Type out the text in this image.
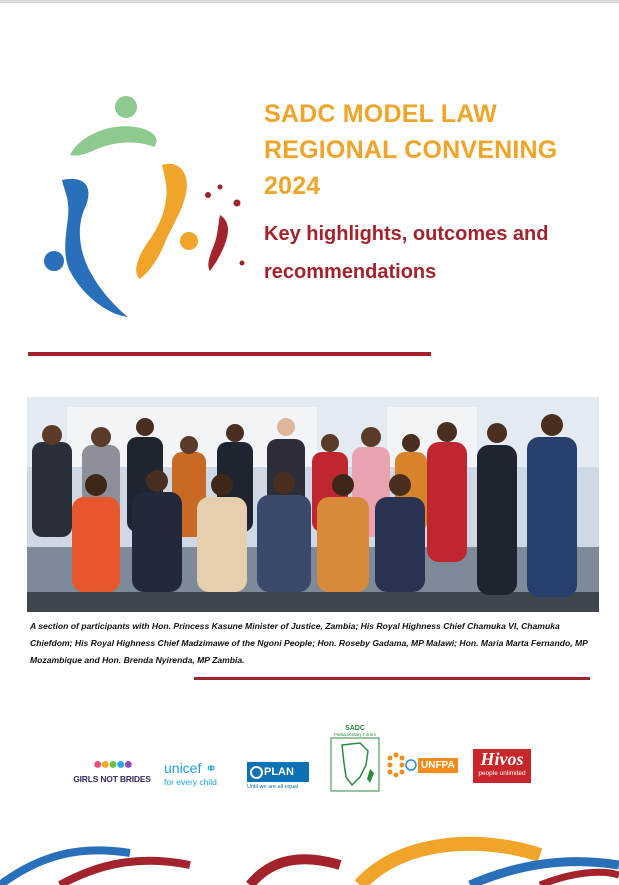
SADC MODEL LAW
REGIONAL CONVENING
2024
Key highlights, outcomes and
recommendations
A section of participants with Hon. Princess Kasune Minister of Justice, Zambia; His Royal Highness Chief Chamuka VI, Chamuka Chiefdom; His Royal Highness Chief Madzimawe of the Ngoni People; Hon. Roseby Gadama, MP Malawi; Hon. Maria Marta Fernando, MP Mozambique and Hon. Brenda Nyirenda, MP Zambia.
●●●●●
GIRLS NOT BRIDES
unicef ⚭
for every child
PLAN
Until we are all equal
SADC
Parliamentary Forum
UNFPA	Hivos
people unlimited
